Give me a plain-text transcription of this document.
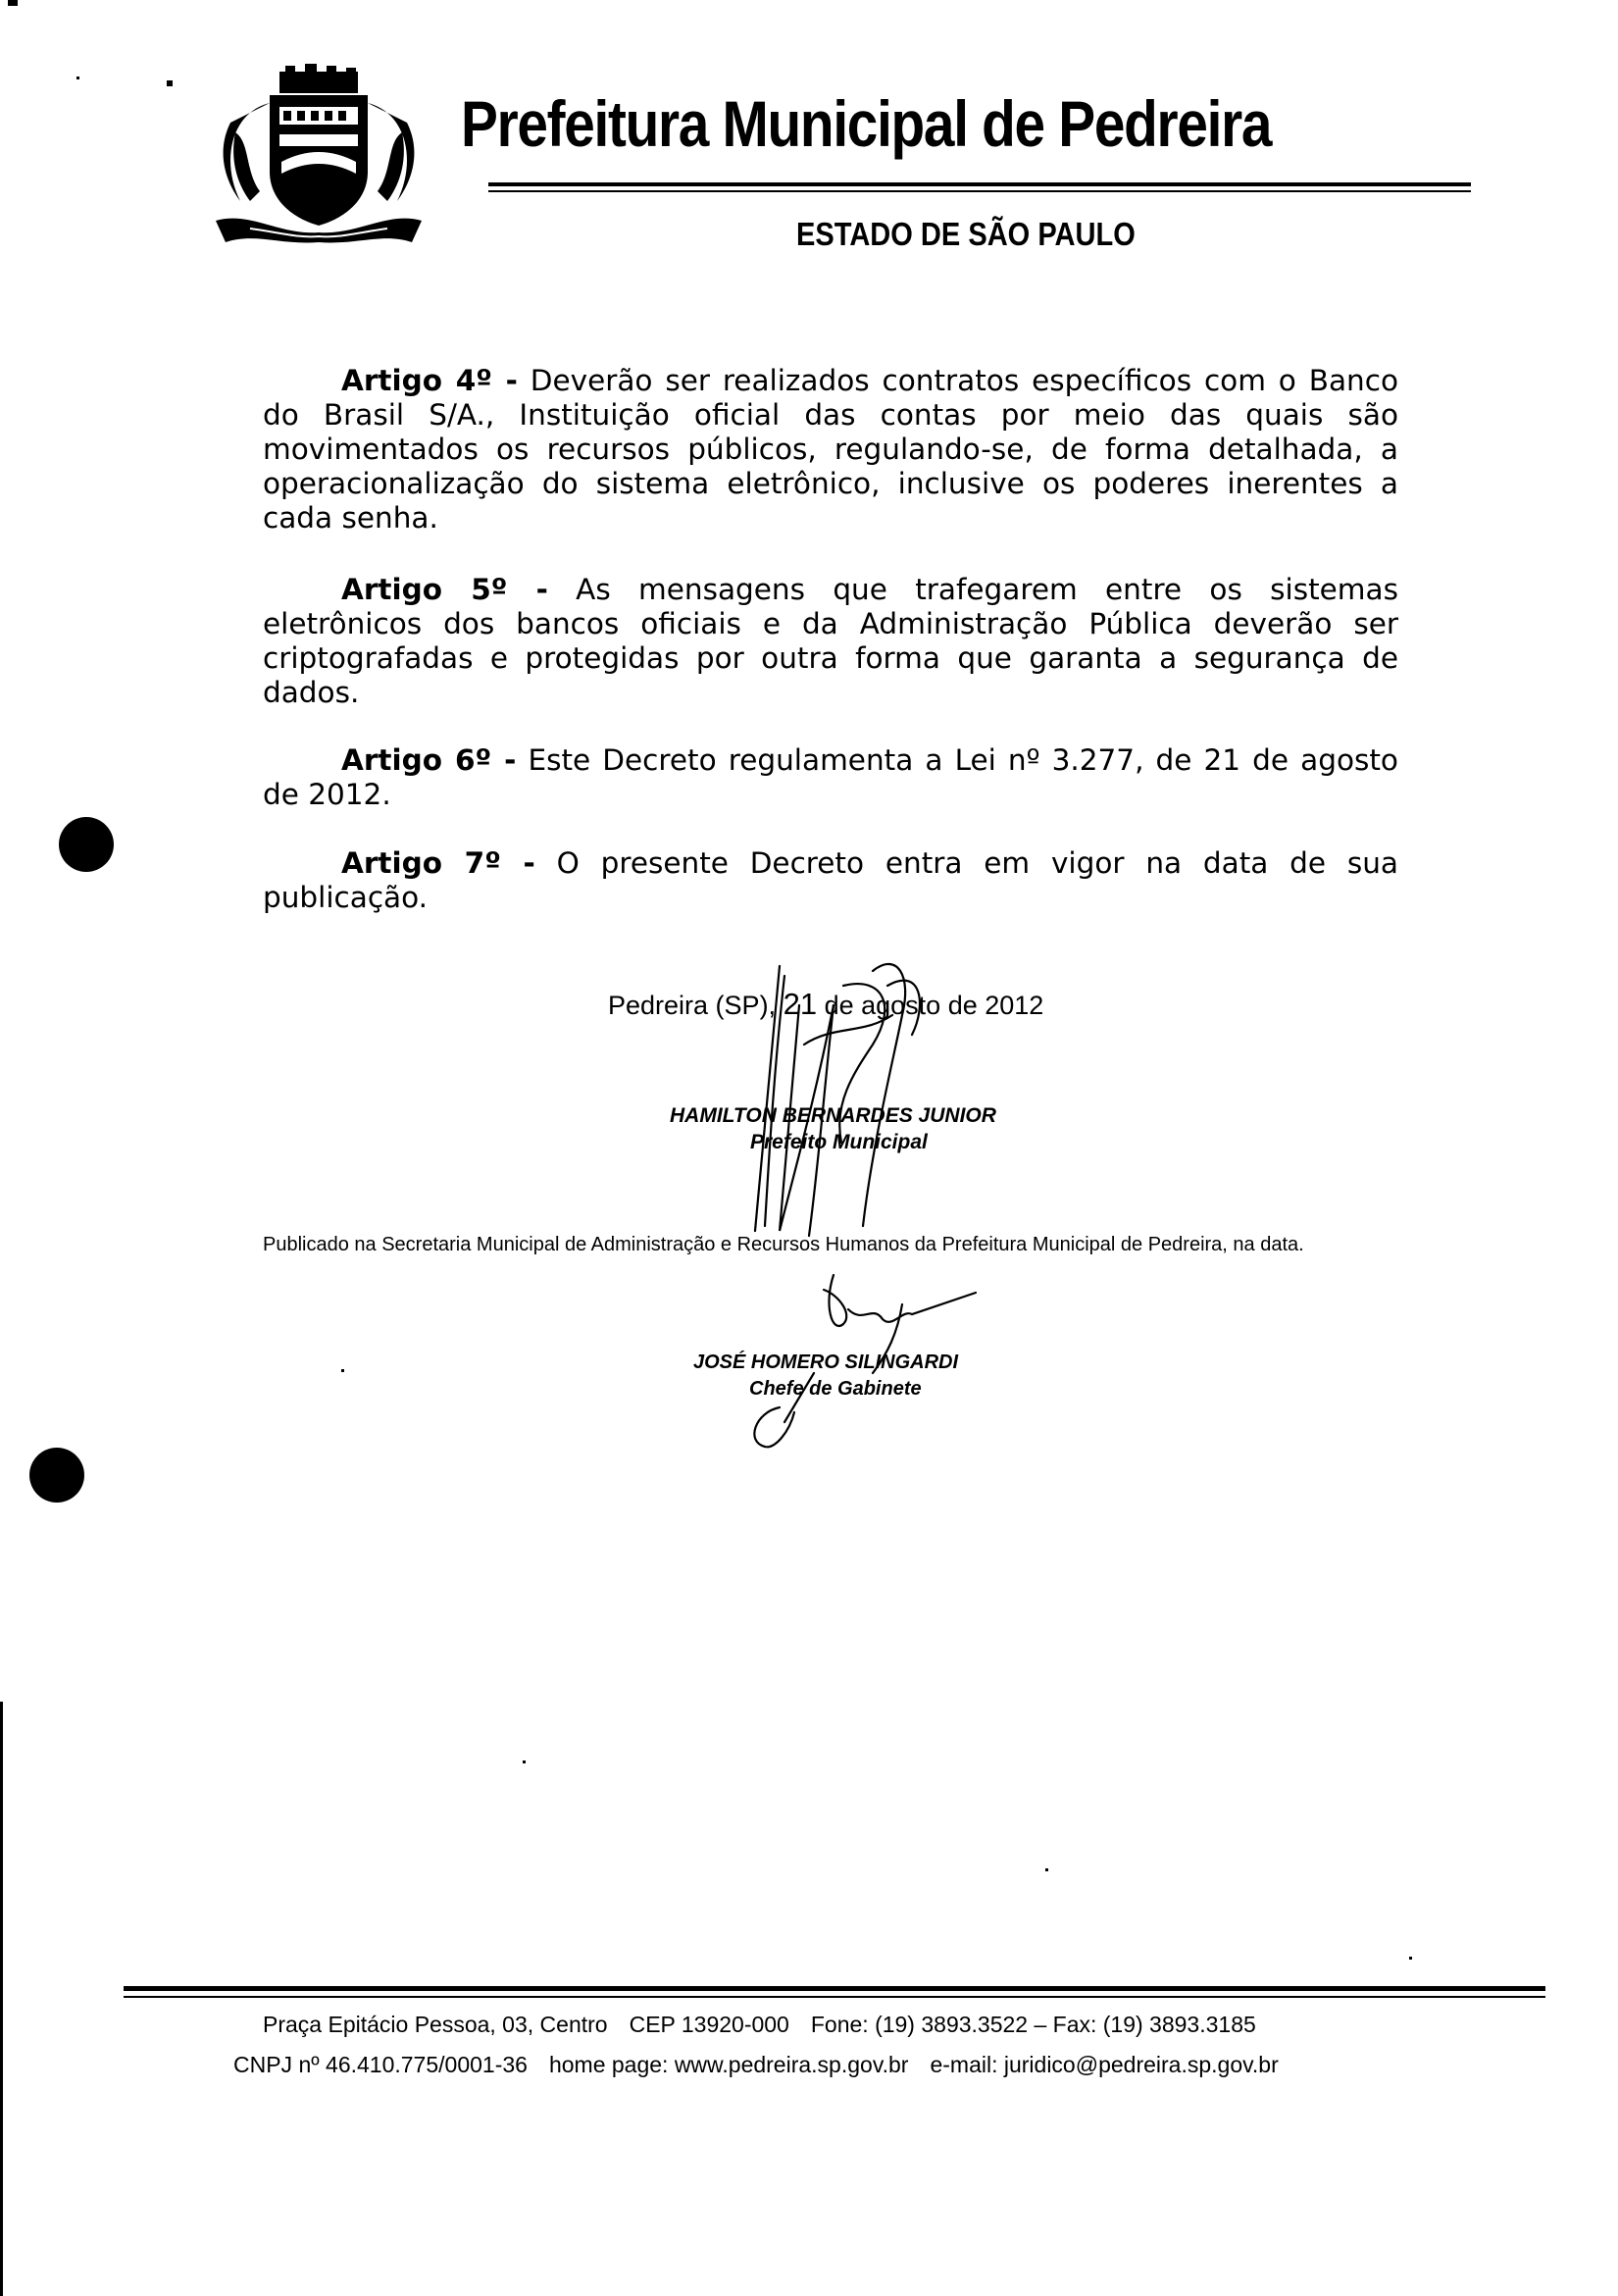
Prefeitura Municipal de Pedreira
ESTADO DE SÃO PAULO

Artigo 4º - Deverão ser realizados contratos específicos com o Banco do Brasil S/A., Instituição oficial das contas por meio das quais são movimentados os recursos públicos, regulando-se, de forma detalhada, a operacionalização do sistema eletrônico, inclusive os poderes inerentes a cada senha.

Artigo 5º - As mensagens que trafegarem entre os sistemas eletrônicos dos bancos oficiais e da Administração Pública deverão ser criptografadas e protegidas por outra forma que garanta a segurança de dados.

Artigo 6º - Este Decreto regulamenta a Lei nº 3.277, de 21 de agosto de 2012.

Artigo 7º - O presente Decreto entra em vigor na data de sua publicação.

Pedreira (SP), 21 de agosto de 2012
HAMILTON BERNARDES JUNIOR
Prefeito Municipal
Publicado na Secretaria Municipal de Administração e Recursos Humanos da Prefeitura Municipal de Pedreira, na data.
JOSÉ HOMERO SILINGARDI
Chefe de Gabinete
Praça Epitácio Pessoa, 03, Centro CEP 13920-000 Fone: (19) 3893.3522 – Fax: (19) 3893.3185
CNPJ nº 46.410.775/0001-36 home page: www.pedreira.sp.gov.br e-mail: juridico@pedreira.sp.gov.br
